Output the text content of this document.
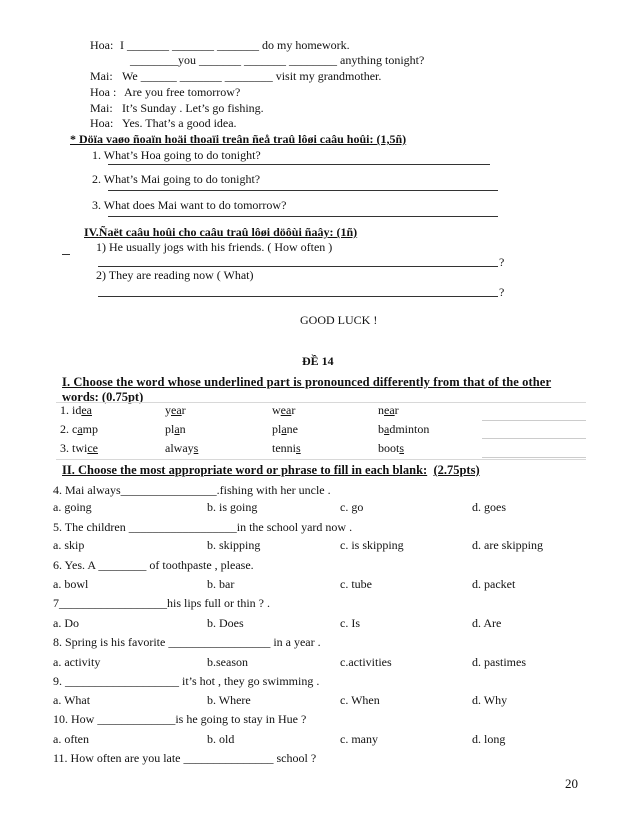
Hoa: I _______ _______ _______ do my homework.
________you _______ _______ ________ anything tonight?
Mai: We ______ _______ ________ visit my grandmother.
Hoa : Are you free tomorrow?
Mai: It’s Sunday . Let’s go fishing.
Hoa: Yes. That’s a good idea.
* Döïa vaøo ñoaïn hoäi thoaïi treân ñeå traû lôøi caâu hoûi: (1,5ñ)
1. What’s Hoa going to do tonight?
2. What’s Mai going to do tonight?
3. What does Mai want to do tomorrow?
IV.Ñaët caâu hoûi cho caâu traû lôøi döôùi ñaây: (1ñ)
1) He usually jogs with his friends. ( How often )
?
2) They are reading now ( What)
?
GOOD LUCK !
ĐỀ 14
I. Choose the word whose underlined part is pronounced differently from that of the other
words: (0.75pt)
1. idea	year	wear	near
2. camp	plan	plane	badminton
3. twice	always	tennis	boots
II. Choose the most appropriate word or phrase to fill in each blank: (2.75pts)
4. Mai always________________.fishing with her uncle .
a. going	b. is going	c. go	d. goes
5. The children __________________in the school yard now .
a. skip	b. skipping	c. is skipping	d. are skipping
6. Yes. A ________ of toothpaste , please.
a. bowl	b. bar	c. tube	d. packet
7__________________his lips full or thin ? .
a. Do	b. Does	c. Is	d. Are
8. Spring is his favorite _________________ in a year .
a. activity	b.season	c.activities	d. pastimes
9. ___________________ it’s hot , they go swimming .
a. What	b. Where	c. When	d. Why
10. How _____________is he going to stay in Hue ?
a. often	b. old	c. many	d. long
11. How often are you late _______________ school ?
20
